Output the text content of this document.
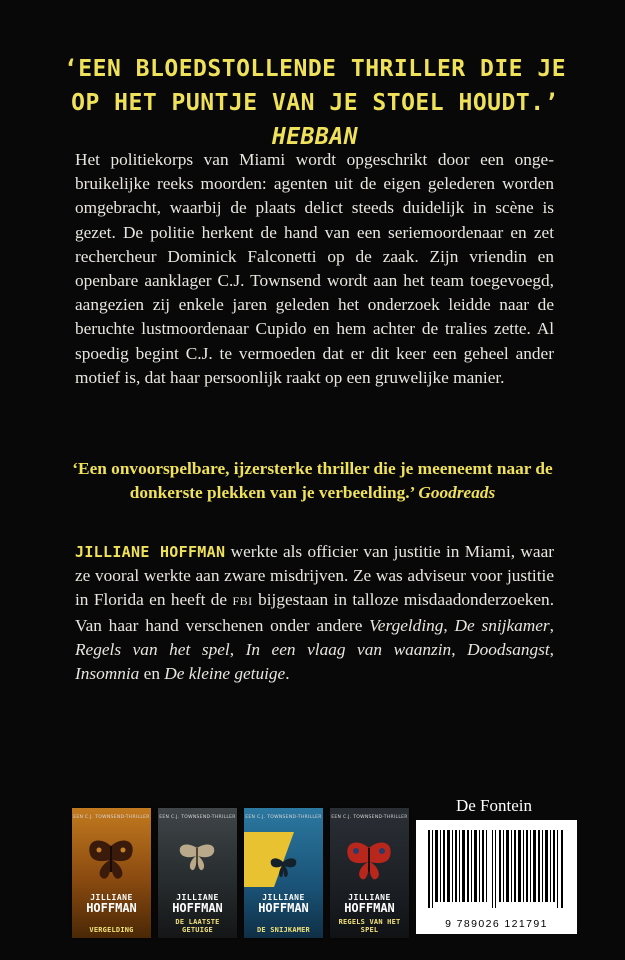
‘EEN BLOEDSTOLLENDE THRILLER DIE JE OP HET PUNTJE VAN JE STOEL HOUDT.’ HEBBAN
Het politiekorps van Miami wordt opgeschrikt door een ongebruikelijke reeks moorden: agenten uit de eigen gelederen worden omgebracht, waarbij de plaats delict steeds duidelijk in scène is gezet. De politie herkent de hand van een seriemoordenaar en zet rechercheur Dominick Falconetti op de zaak. Zijn vriendin en openbare aanklager C.J. Townsend wordt aan het team toegevoegd, aangezien zij enkele jaren geleden het onderzoek leidde naar de beruchte lustmoordenaar Cupido en hem achter de tralies zette. Al spoedig begint C.J. te vermoeden dat er dit keer een geheel ander motief is, dat haar persoonlijk raakt op een gruwelijke manier.
‘Een onvoorspelbare, ijzersterke thriller die je meeneemt naar de donkerste plekken van je verbeelding.’ Goodreads
JILLIANE HOFFMAN werkte als officier van justitie in Miami, waar ze vooral werkte aan zware misdrijven. Ze was adviseur voor justitie in Florida en heeft de FBI bijgestaan in talloze misdaadonderzoeken. Van haar hand verschenen onder andere Vergelding, De snijkamer, Regels van het spel, In een vlaag van waanzin, Doodsangst, Insomnia en De kleine getuige.
EEN C.J. TOWNSEND-THRILLER
JILLIANE
HOFFMAN
VERGELDING
EEN C.J. TOWNSEND-THRILLER
JILLIANE
HOFFMAN
DE LAATSTE GETUIGE
EEN C.J. TOWNSEND-THRILLER
JILLIANE
HOFFMAN
DE SNIJKAMER
EEN C.J. TOWNSEND-THRILLER
JILLIANE
HOFFMAN
REGELS VAN HET SPEL
De Fontein
9 789026 121791
